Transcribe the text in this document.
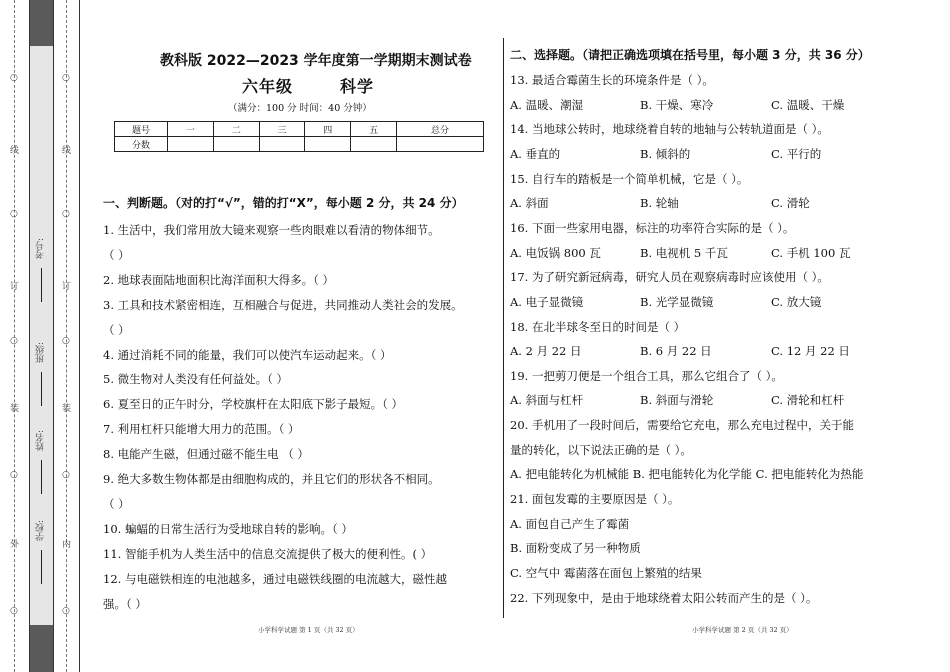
○
线
○
订
○
装
○
外
○
○
线
○
订
○
装
○
内
○
考号:
班级:
姓名:
学校:
教科版 2022—2023 学年度第一学期期末测试卷
六年级	科学
（满分：100 分 时间：40 分钟）
题号	一	二	三	四	五	总分
分数						
一、判断题。（对的打“√”，错的打“X”，每小题 2 分，共 24 分）
1. 生活中，我们常用放大镜来观察一些肉眼难以看清的物体细节。
（ ）
2. 地球表面陆地面积比海洋面积大得多。（ ）
3. 工具和技术紧密相连，互相融合与促进，共同推动人类社会的发展。
（ ）
4. 通过消耗不同的能量，我们可以使汽车运动起来。（ ）
5. 微生物对人类没有任何益处。（ ）
6. 夏至日的正午时分，学校旗杆在太阳底下影子最短。（ ）
7. 利用杠杆只能增大用力的范围。（ ）
8. 电能产生磁，但通过磁不能生电 （ ）
9. 绝大多数生物体都是由细胞构成的，并且它们的形状各不相同。
（ ）
10. 蝙蝠的日常生活行为受地球自转的影响。（ ）
11. 智能手机为人类生活中的信息交流提供了极大的便利性。( ）
12. 与电磁铁相连的电池越多，通过电磁铁线圈的电流越大，磁性越
强。（ ）
小学科学试题 第 1 页（共 32 页）
二、选择题。（请把正确选项填在括号里，每小题 3 分，共 36 分）
13. 最适合霉菌生长的环境条件是（ ）。
A. 温暖、潮湿	B. 干燥、寒冷	C. 温暖、干燥
14. 当地球公转时，地球绕着自转的地轴与公转轨道面是（ ）。
A. 垂直的	B. 倾斜的	C. 平行的
15. 自行车的踏板是一个简单机械，它是（ ）。
A. 斜面	B. 轮轴	C. 滑轮
16. 下面一些家用电器，标注的功率符合实际的是（ ）。
A. 电饭锅 800 瓦	B. 电视机 5 千瓦	C. 手机 100 瓦
17. 为了研究新冠病毒，研究人员在观察病毒时应该使用（ ）。
A. 电子显微镜	B. 光学显微镜	C. 放大镜
18. 在北半球冬至日的时间是（ ）
A. 2 月 22 日	B. 6 月 22 日	C. 12 月 22 日
19. 一把剪刀便是一个组合工具，那么它组合了（ ）。
A. 斜面与杠杆	B. 斜面与滑轮	C. 滑轮和杠杆
20. 手机用了一段时间后，需要给它充电，那么充电过程中，关于能
量的转化，以下说法正确的是（ ）。
A. 把电能转化为机械能 B. 把电能转化为化学能 C. 把电能转化为热能
21. 面包发霉的主要原因是（ ）。
A. 面包自己产生了霉菌
B. 面粉变成了另一种物质
C. 空气中 霉菌落在面包上繁殖的结果
22. 下列现象中，是由于地球绕着太阳公转而产生的是（ ）。
小学科学试题 第 2 页（共 32 页）
